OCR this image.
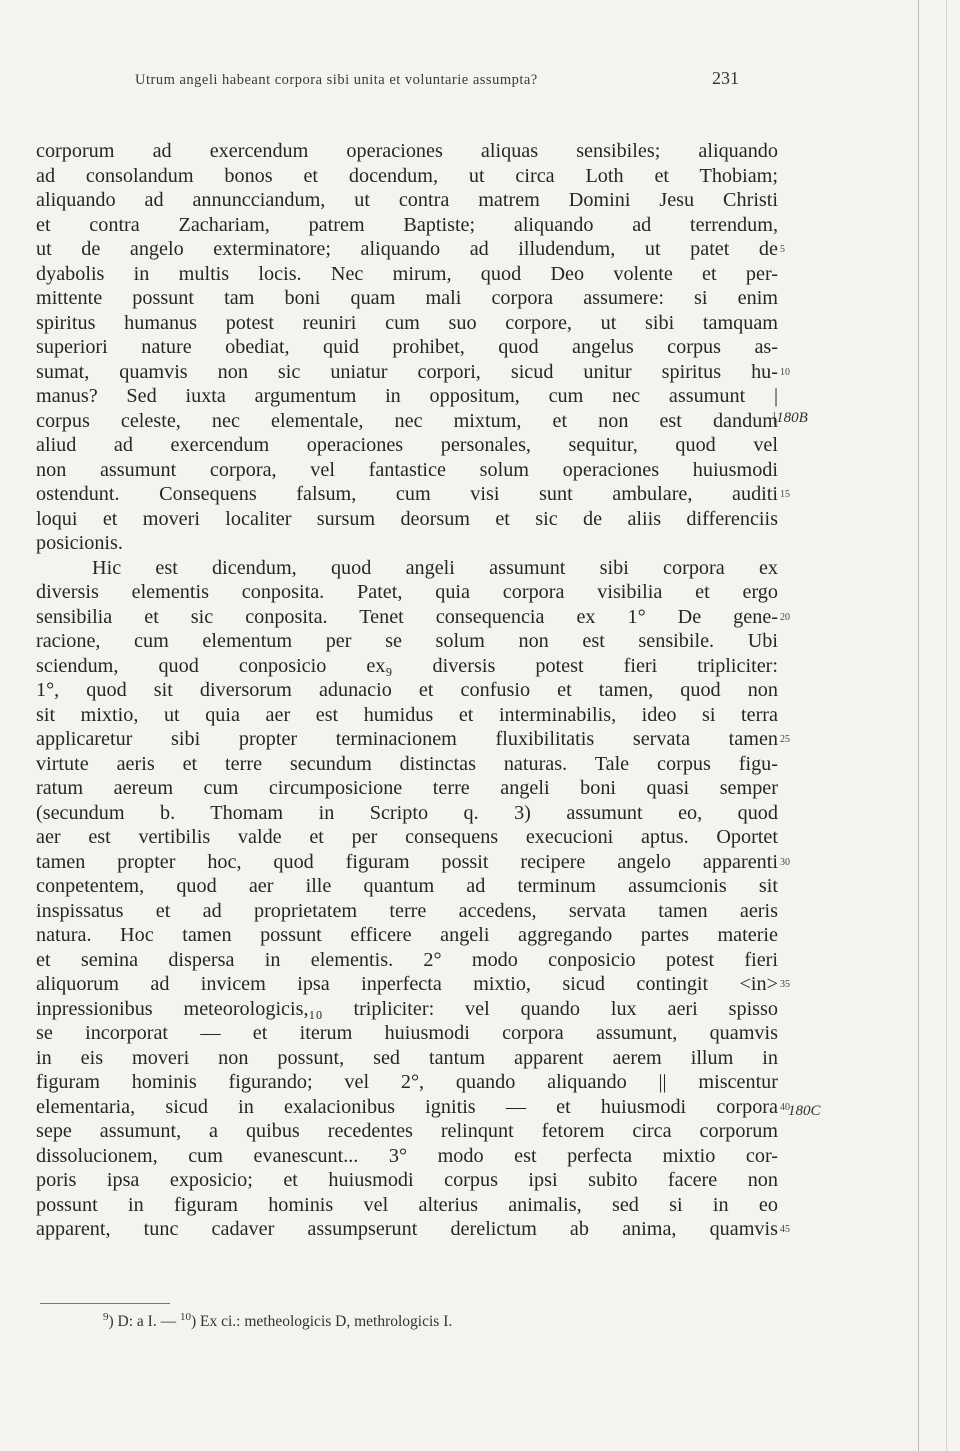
Utrum angeli habeant corpora sibi unita et voluntarie assumpta?	231
corporum ad exercendum operaciones aliquas sensibiles; aliquando
ad consolandum bonos et docendum, ut circa Loth et Thobiam;
aliquando ad annuncciandum, ut contra matrem Domini Jesu Christi
et contra Zachariam, patrem Baptiste; aliquando ad terrendum,
ut de angelo exterminatore; aliquando ad illudendum, ut patet de
dyabolis in multis locis. Nec mirum, quod Deo volente et per-
mittente possunt tam boni quam mali corpora assumere: si enim
spiritus humanus potest reuniri cum suo corpore, ut sibi tamquam
superiori nature obediat, quid prohibet, quod angelus corpus as-
sumat, quamvis non sic uniatur corpori, sicud unitur spiritus hu-
manus? Sed iuxta argumentum in oppositum, cum nec assumunt |
corpus celeste, nec elementale, nec mixtum, et non est dandum
aliud ad exercendum operaciones personales, sequitur, quod vel
non assumunt corpora, vel fantastice solum operaciones huiusmodi
ostendunt. Consequens falsum, cum visi sunt ambulare, auditi
loqui et moveri localiter sursum deorsum et sic de aliis differenciis
posicionis.
Hic est dicendum, quod angeli assumunt sibi corpora ex
diversis elementis conposita. Patet, quia corpora visibilia et ergo
sensibilia et sic conposita. Tenet consequencia ex 1° De gene-
racione, cum elementum per se solum non est sensibile. Ubi
sciendum, quod conposicio ex₉ diversis potest fieri tripliciter:
1°, quod sit diversorum adunacio et confusio et tamen, quod non
sit mixtio, ut quia aer est humidus et interminabilis, ideo si terra
applicaretur sibi propter terminacionem fluxibilitatis servata tamen
virtute aeris et terre secundum distinctas naturas. Tale corpus figu-
ratum aereum cum circumposicione terre angeli boni quasi semper
(secundum b. Thomam in Scripto q. 3) assumunt eo, quod
aer est vertibilis valde et per consequens execucioni aptus. Oportet
tamen propter hoc, quod figuram possit recipere angelo apparenti
conpetentem, quod aer ille quantum ad terminum assumcionis sit
inspissatus et ad proprietatem terre accedens, servata tamen aeris
natura. Hoc tamen possunt efficere angeli aggregando partes materie
et semina dispersa in elementis. 2° modo conposicio potest fieri
aliquorum ad invicem ipsa inperfecta mixtio, sicud contingit <in>
inpressionibus meteorologicis,₁₀ tripliciter: vel quando lux aeri spisso
se incorporat — et iterum huiusmodi corpora assumunt, quamvis
in eis moveri non possunt, sed tantum apparent aerem illum in
figuram hominis figurando; vel 2°, quando aliquando || miscentur
elementaria, sicud in exalacionibus ignitis — et huiusmodi corpora
sepe assumunt, a quibus recedentes relinqunt fetorem circa corporum
dissolucionem, cum evanescunt... 3° modo est perfecta mixtio cor-
poris ipsa exposicio; et huiusmodi corpus ipsi subito facere non
possunt in figuram hominis vel alterius animalis, sed si in eo
apparent, tunc cadaver assumpserunt derelictum ab anima, quamvis
5
10
15
20
25
30
35
40
45
|180B
180C
$^9$) D: a I. — $^{10}$) Ex ci.: metheologicis D, methrologicis I.
